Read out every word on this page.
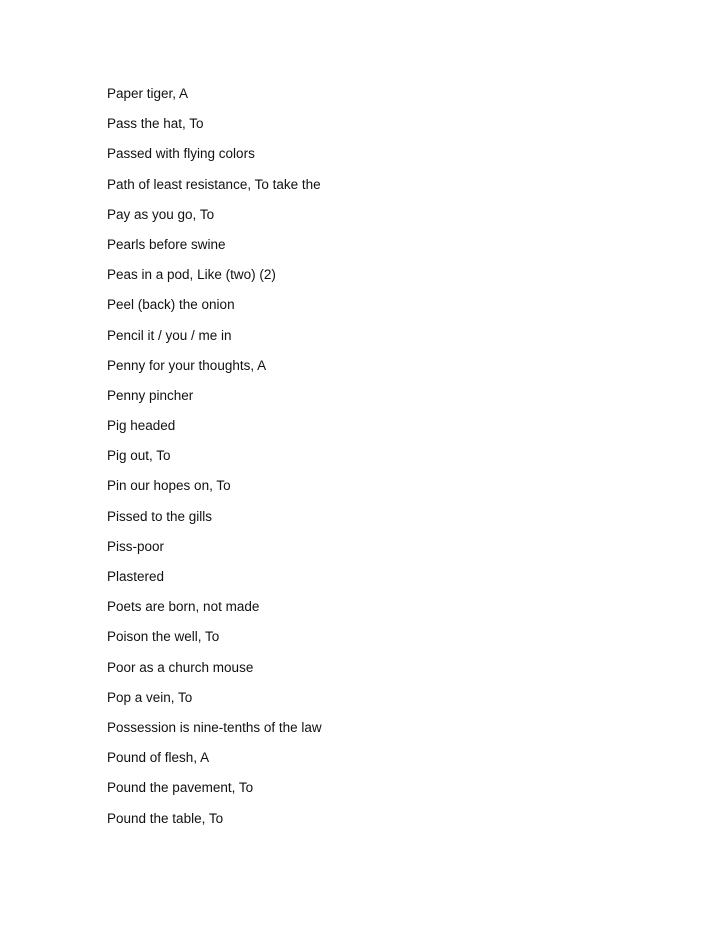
Paper tiger, A
Pass the hat, To
Passed with flying colors
Path of least resistance, To take the
Pay as you go, To
Pearls before swine
Peas in a pod, Like (two) (2)
Peel (back) the onion
Pencil it / you / me in
Penny for your thoughts, A
Penny pincher
Pig headed
Pig out, To
Pin our hopes on, To
Pissed to the gills
Piss-poor
Plastered
Poets are born, not made
Poison the well, To
Poor as a church mouse
Pop a vein, To
Possession is nine-tenths of the law
Pound of flesh, A
Pound the pavement, To
Pound the table, To
